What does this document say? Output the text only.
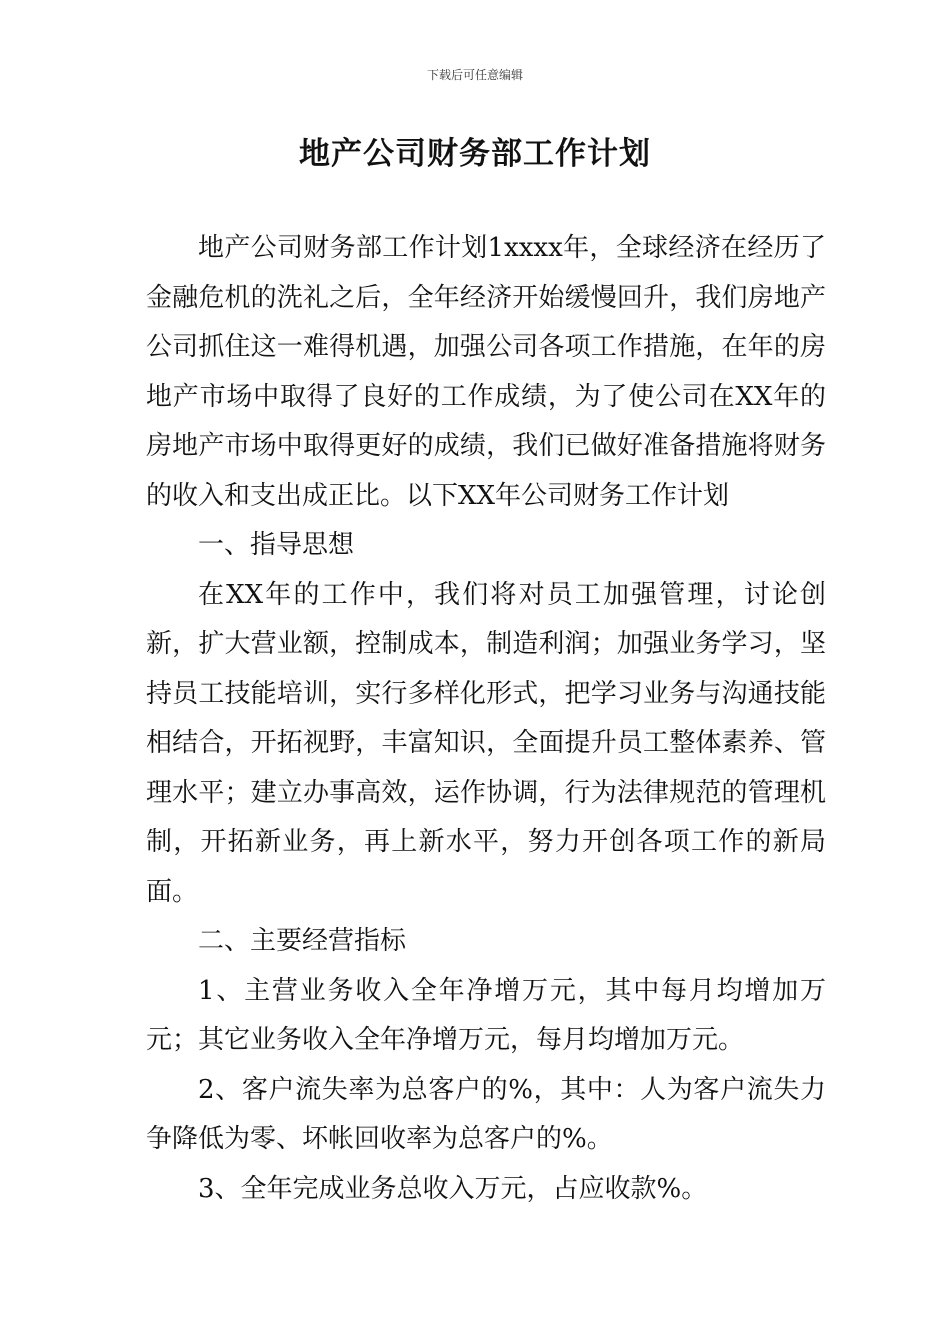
下载后可任意编辑
地产公司财务部工作计划

地产公司财务部工作计划1xxxx年，全球经济在经历了金融危机的洗礼之后，全年经济开始缓慢回升，我们房地产公司抓住这一难得机遇，加强公司各项工作措施，在年的房地产市场中取得了良好的工作成绩，为了使公司在XX年的房地产市场中取得更好的成绩，我们已做好准备措施将财务的收入和支出成正比。以下XX年公司财务工作计划

一、指导思想

在XX年的工作中，我们将对员工加强管理，讨论创新，扩大营业额，控制成本，制造利润；加强业务学习，坚持员工技能培训，实行多样化形式，把学习业务与沟通技能相结合，开拓视野，丰富知识，全面提升员工整体素养、管理水平；建立办事高效，运作协调，行为法律规范的管理机制，开拓新业务，再上新水平，努力开创各项工作的新局面。

二、主要经营指标

1、主营业务收入全年净增万元，其中每月均增加万元；其它业务收入全年净增万元，每月均增加万元。

2、客户流失率为总客户的%，其中：人为客户流失力争降低为零、坏帐回收率为总客户的%。

3、全年完成业务总收入万元，占应收款%。
